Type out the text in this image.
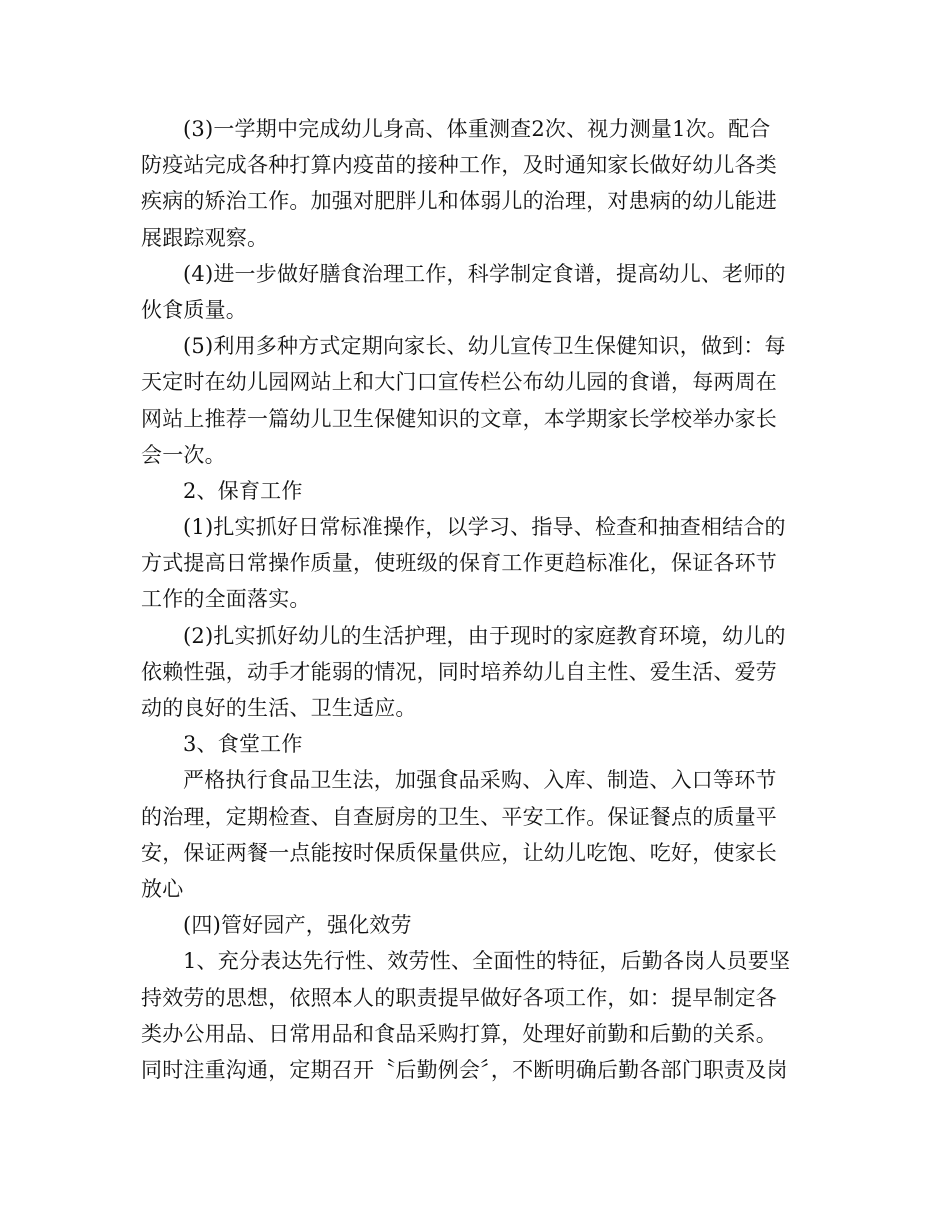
(3)一学期中完成幼儿身高、体重测查2次、视力测量1次。配合
防疫站完成各种打算内疫苗的接种工作，及时通知家长做好幼儿各类
疾病的矫治工作。加强对肥胖儿和体弱儿的治理，对患病的幼儿能进
展跟踪观察。
(4)进一步做好膳食治理工作，科学制定食谱，提高幼儿、老师的
伙食质量。
(5)利用多种方式定期向家长、幼儿宣传卫生保健知识，做到：每
天定时在幼儿园网站上和大门口宣传栏公布幼儿园的食谱，每两周在
网站上推荐一篇幼儿卫生保健知识的文章，本学期家长学校举办家长
会一次。
2、保育工作
(1)扎实抓好日常标准操作，以学习、指导、检查和抽查相结合的
方式提高日常操作质量，使班级的保育工作更趋标准化，保证各环节
工作的全面落实。
(2)扎实抓好幼儿的生活护理，由于现时的家庭教育环境，幼儿的
依赖性强，动手才能弱的情况，同时培养幼儿自主性、爱生活、爱劳
动的良好的生活、卫生适应。
3、食堂工作
严格执行食品卫生法，加强食品采购、入库、制造、入口等环节
的治理，定期检查、自查厨房的卫生、平安工作。保证餐点的质量平
安，保证两餐一点能按时保质保量供应，让幼儿吃饱、吃好，使家长
放心
(四)管好园产，强化效劳
1、充分表达先行性、效劳性、全面性的特征，后勤各岗人员要坚
持效劳的思想，依照本人的职责提早做好各项工作，如：提早制定各
类办公用品、日常用品和食品采购打算，处理好前勤和后勤的关系。
同时注重沟通，定期召开〝后勤例会〞，不断明确后勤各部门职责及岗
